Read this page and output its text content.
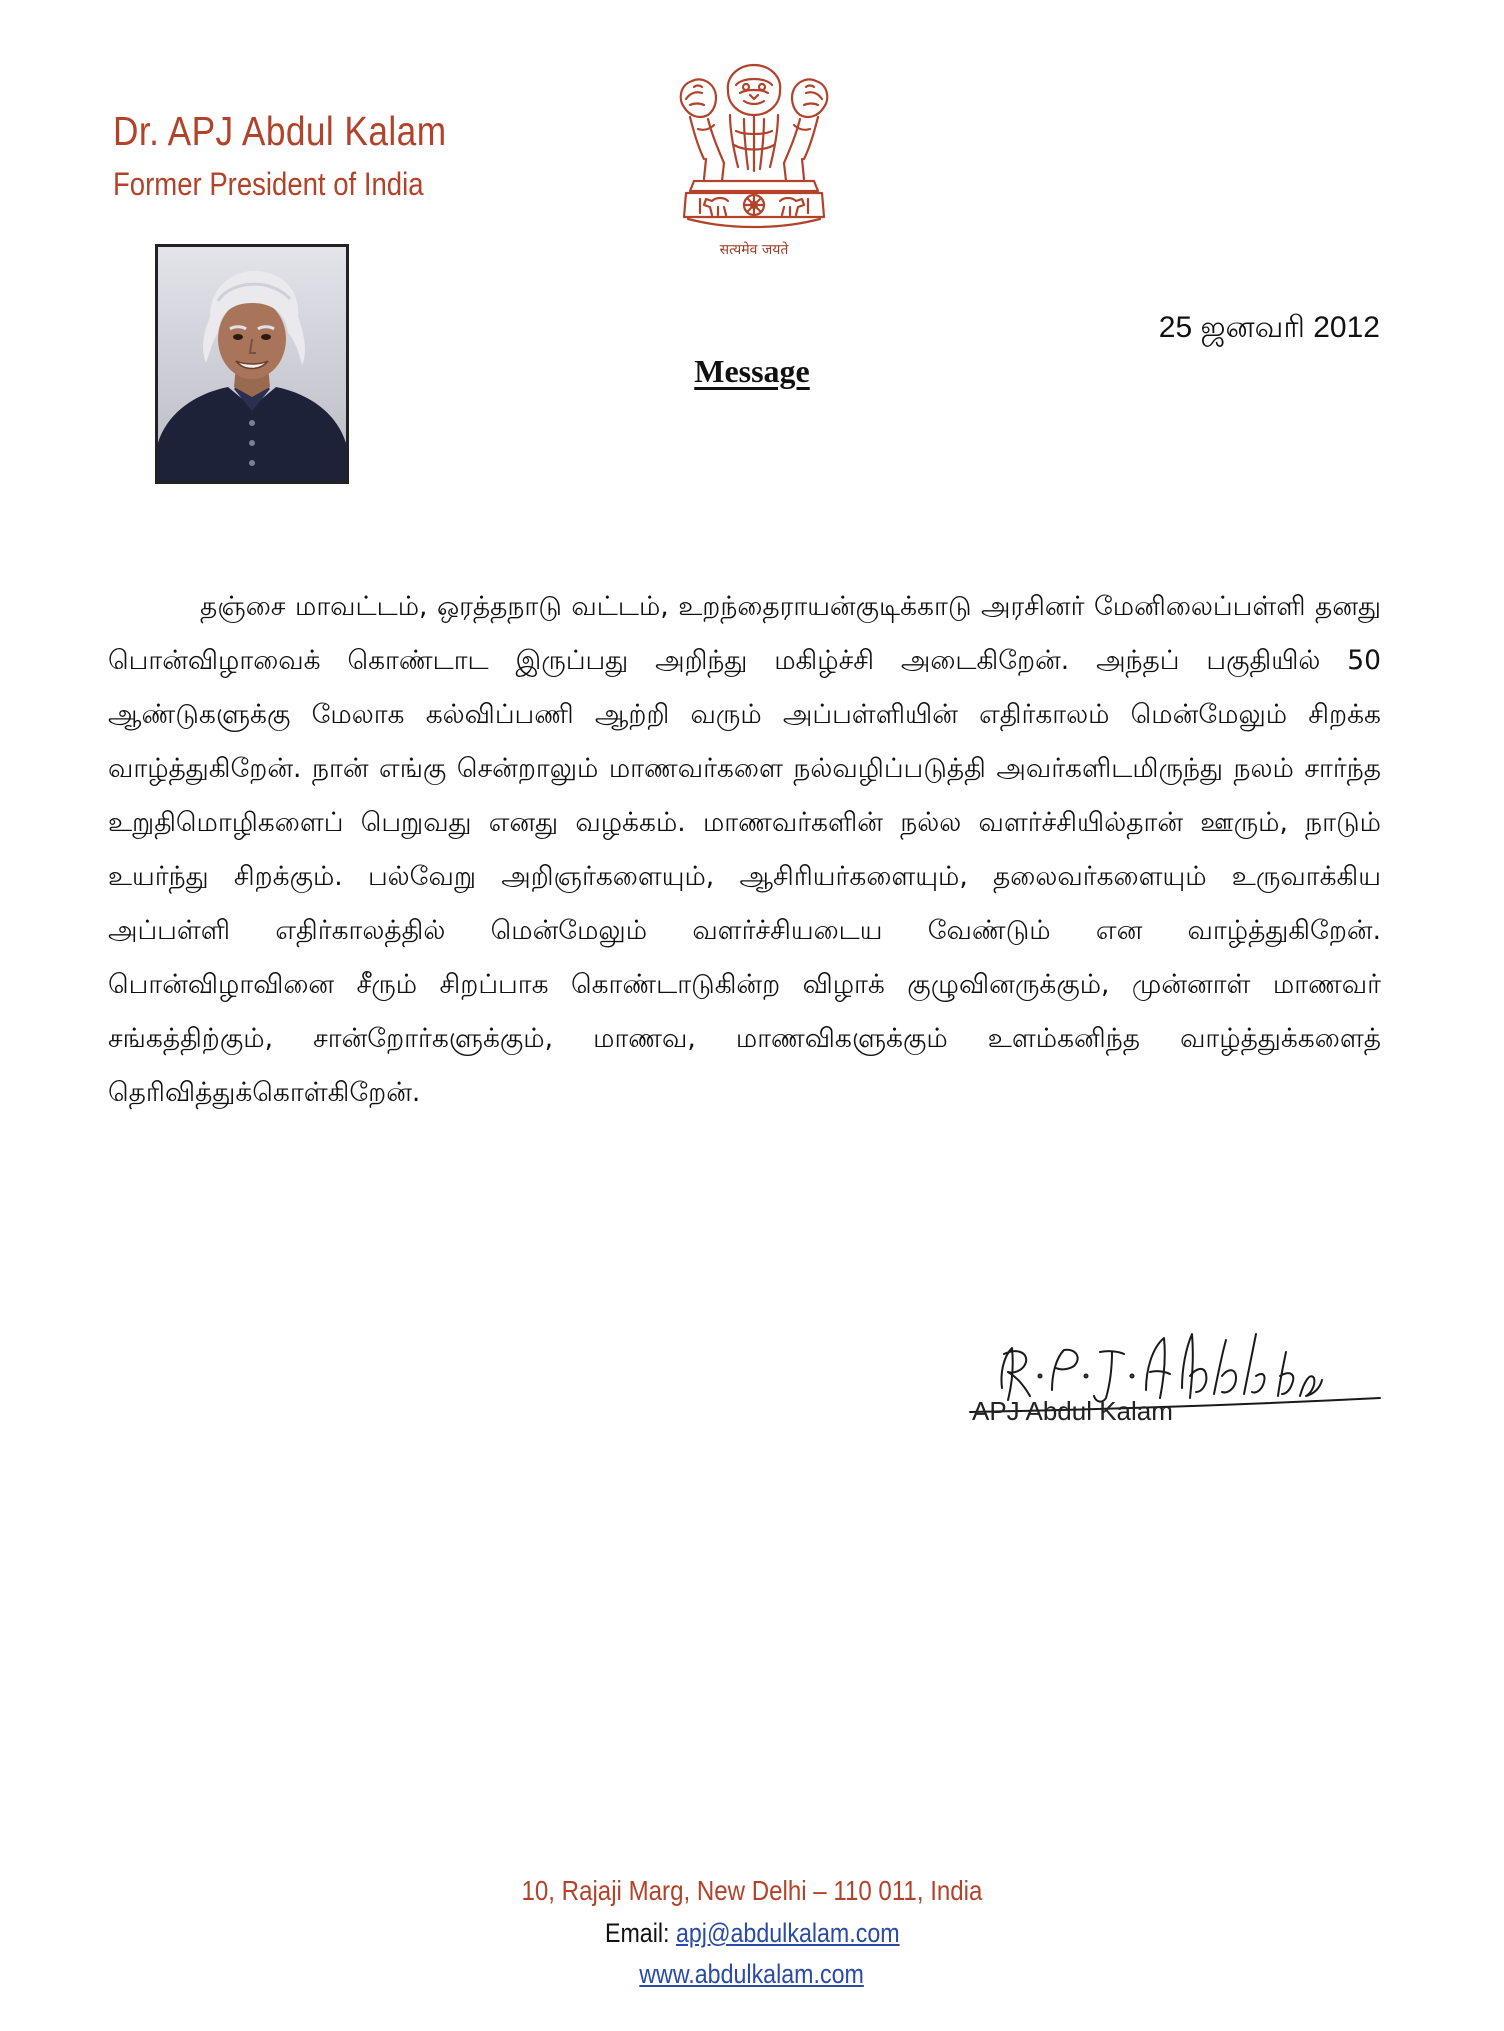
Dr. APJ Abdul Kalam
Former President of India
सत्यमेव जयते
25 ஜனவரி 2012
Message

தஞ்சை மாவட்டம், ஒரத்தநாடு வட்டம், உறந்தைராயன்குடிக்காடு அரசினர் மேனிலைப்பள்ளி தனது பொன்விழாவைக் கொண்டாட இருப்பது அறிந்து மகிழ்ச்சி அடைகிறேன். அந்தப் பகுதியில் 50 ஆண்டுகளுக்கு மேலாக கல்விப்பணி ஆற்றி வரும் அப்பள்ளியின் எதிர்காலம் மென்மேலும் சிறக்க வாழ்த்துகிறேன். நான் எங்கு சென்றாலும் மாணவர்களை நல்வழிப்படுத்தி அவர்களிடமிருந்து நலம் சார்ந்த உறுதிமொழிகளைப் பெறுவது எனது வழக்கம். மாணவர்களின் நல்ல வளர்ச்சியில்தான் ஊரும், நாடும் உயர்ந்து சிறக்கும். பல்வேறு அறிஞர்களையும், ஆசிரியர்களையும், தலைவர்களையும் உருவாக்கிய அப்பள்ளி எதிர்காலத்தில் மென்மேலும் வளர்ச்சியடைய வேண்டும் என வாழ்த்துகிறேன். பொன்விழாவினை சீரும் சிறப்பாக கொண்டாடுகின்ற விழாக் குழுவினருக்கும், முன்னாள் மாணவர் சங்கத்திற்கும், சான்றோர்களுக்கும், மாணவ, மாணவிகளுக்கும் உளம்கனிந்த வாழ்த்துக்களைத் தெரிவித்துக்கொள்கிறேன்.

APJ Abdul Kalam
10, Rajaji Marg, New Delhi – 110 011, India
Email: apj@abdulkalam.com
www.abdulkalam.com
